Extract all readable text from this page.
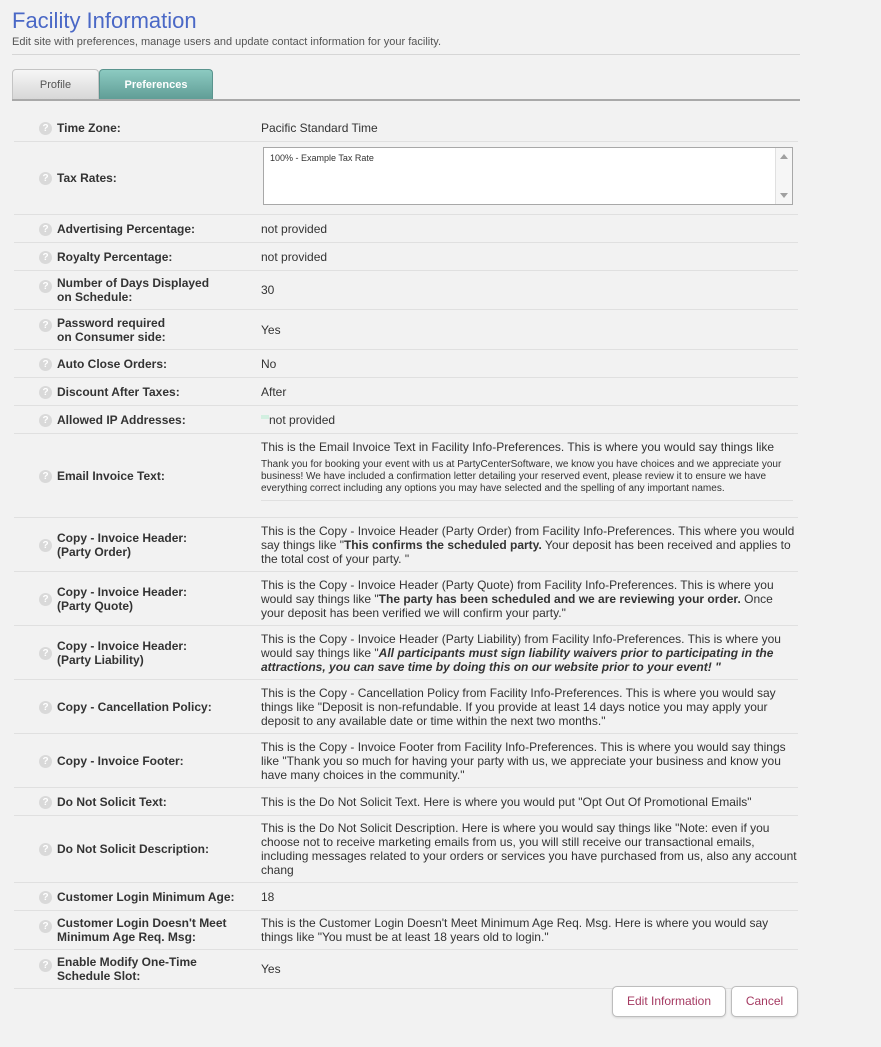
Facility Information
Edit site with preferences, manage users and update contact information for your facility.
Profile	Preferences
? Time Zone:	Pacific Standard Time
? Tax Rates:
100% - Example Tax Rate
? Advertising Percentage:	not provided
? Royalty Percentage:	not provided
? Number of Days Displayed on Schedule:	30
? Password required on Consumer side:	Yes
? Auto Close Orders:	No
? Discount After Taxes:	After
? Allowed IP Addresses:	not provided
? Email Invoice Text:
This is the Email Invoice Text in Facility Info-Preferences. This is where you would say things like
Thank you for booking your event with us at PartyCenterSoftware, we know you have choices and we appreciate your business! We have included a confirmation letter detailing your reserved event, please review it to ensure we have everything correct including any options you may have selected and the spelling of any important names.
?
Copy - Invoice Header: (Party Order)
This is the Copy - Invoice Header (Party Order) from Facility Info-Preferences. This where you would say things like "This confirms the scheduled party. Your deposit has been received and applies to the total cost of your party. "
?
Copy - Invoice Header: (Party Quote)
This is the Copy - Invoice Header (Party Quote) from Facility Info-Preferences. This is where you would say things like "The party has been scheduled and we are reviewing your order. Once your deposit has been verified we will confirm your party."
?
Copy - Invoice Header: (Party Liability)
This is the Copy - Invoice Header (Party Liability) from Facility Info-Preferences. This is where you would say things like "All participants must sign liability waivers prior to participating in the attractions, you can save time by doing this on our website prior to your event! "
? Copy - Cancellation Policy:
This is the Copy - Cancellation Policy from Facility Info-Preferences. This is where you would say things like "Deposit is non-refundable. If you provide at least 14 days notice you may apply your deposit to any available date or time within the next two months."
? Copy - Invoice Footer:
This is the Copy - Invoice Footer from Facility Info-Preferences. This is where you would say things like "Thank you so much for having your party with us, we appreciate your business and know you have many choices in the community."
? Do Not Solicit Text:	This is the Do Not Solicit Text. Here is where you would put "Opt Out Of Promotional Emails"
? Do Not Solicit Description:
This is the Do Not Solicit Description. Here is where you would say things like "Note: even if you choose not to receive marketing emails from us, you will still receive our transactional emails, including messages related to your orders or services you have purchased from us, also any account chang
? Customer Login Minimum Age:	18
? Customer Login Doesn't Meet Minimum Age Req. Msg:
This is the Customer Login Doesn't Meet Minimum Age Req. Msg. Here is where you would say things like "You must be at least 18 years old to login."
? Enable Modify One-Time Schedule Slot:	Yes
Edit Information	Cancel
